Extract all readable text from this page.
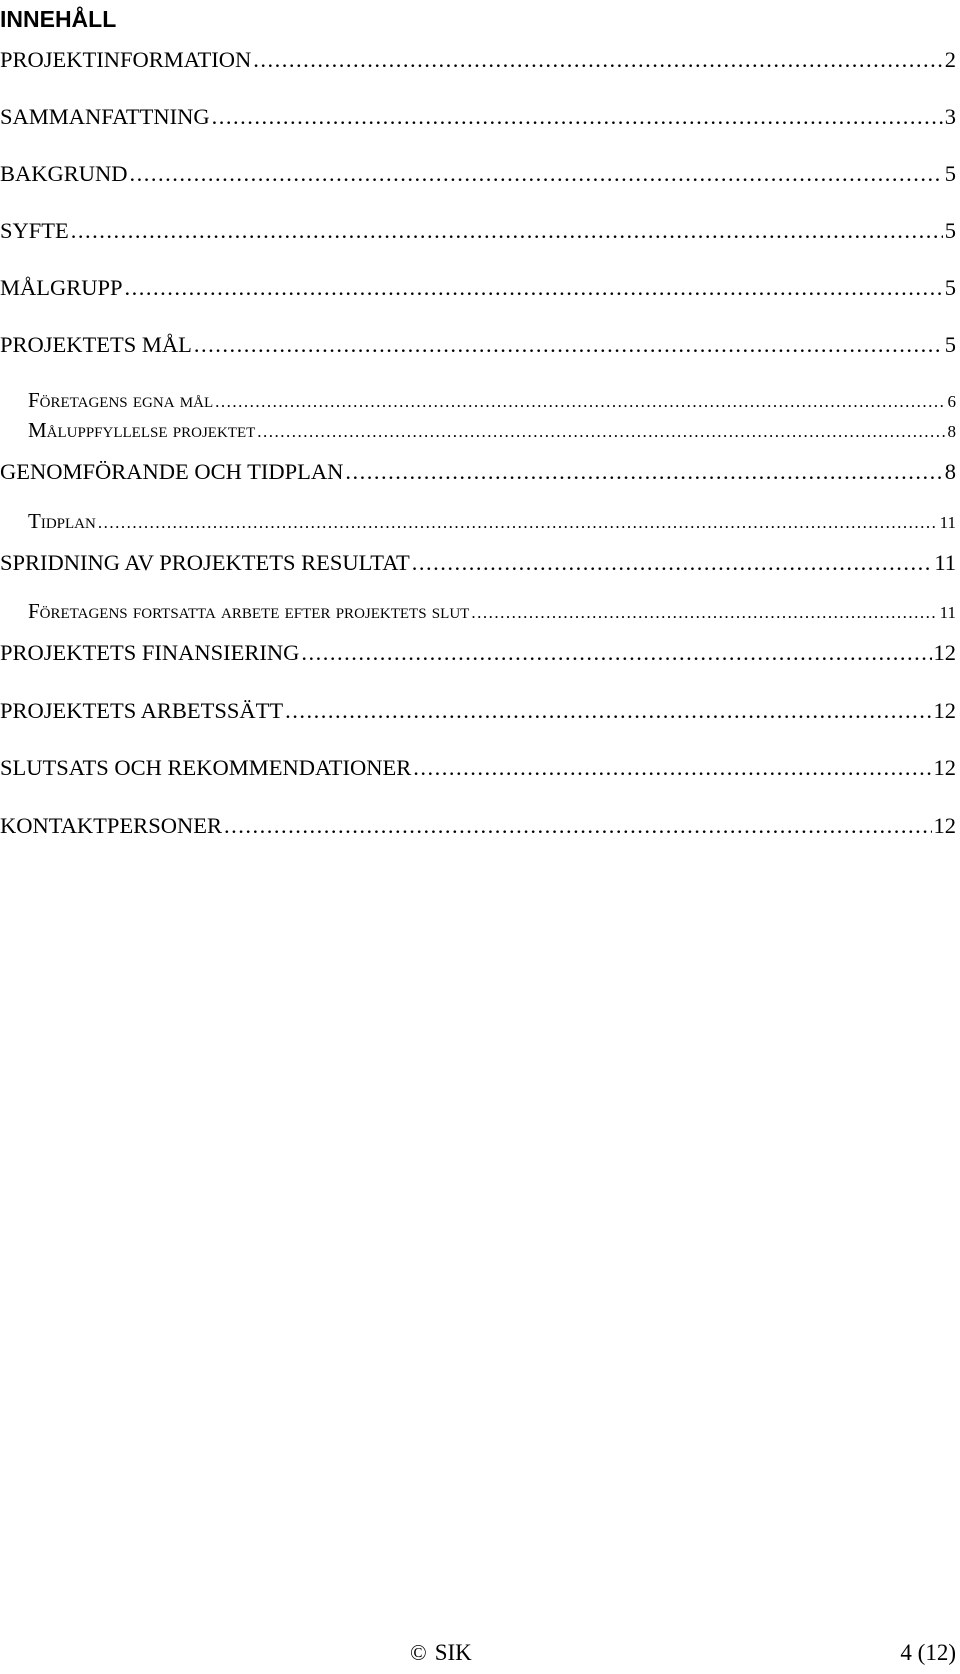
INNEHÅLL
PROJEKTINFORMATION .....	2
SAMMANFATTNING .....	3
BAKGRUND .....	5
SYFTE .....	5
MÅLGRUPP .....	5
PROJEKTETS MÅL .....	5
Företagens egna mål .....	6
Måluppfyllelse projektet .....	8
GENOMFÖRANDE OCH TIDPLAN .....	8
Tidplan .....	11
SPRIDNING AV PROJEKTETS RESULTAT .....	11
Företagens fortsatta arbete efter projektets slut .....	11
PROJEKTETS FINANSIERING .....	12
PROJEKTETS ARBETSSÄTT .....	12
SLUTSATS OCH REKOMMENDATIONER .....	12
KONTAKTPERSONER .....	12
© SIK	4 (12)
